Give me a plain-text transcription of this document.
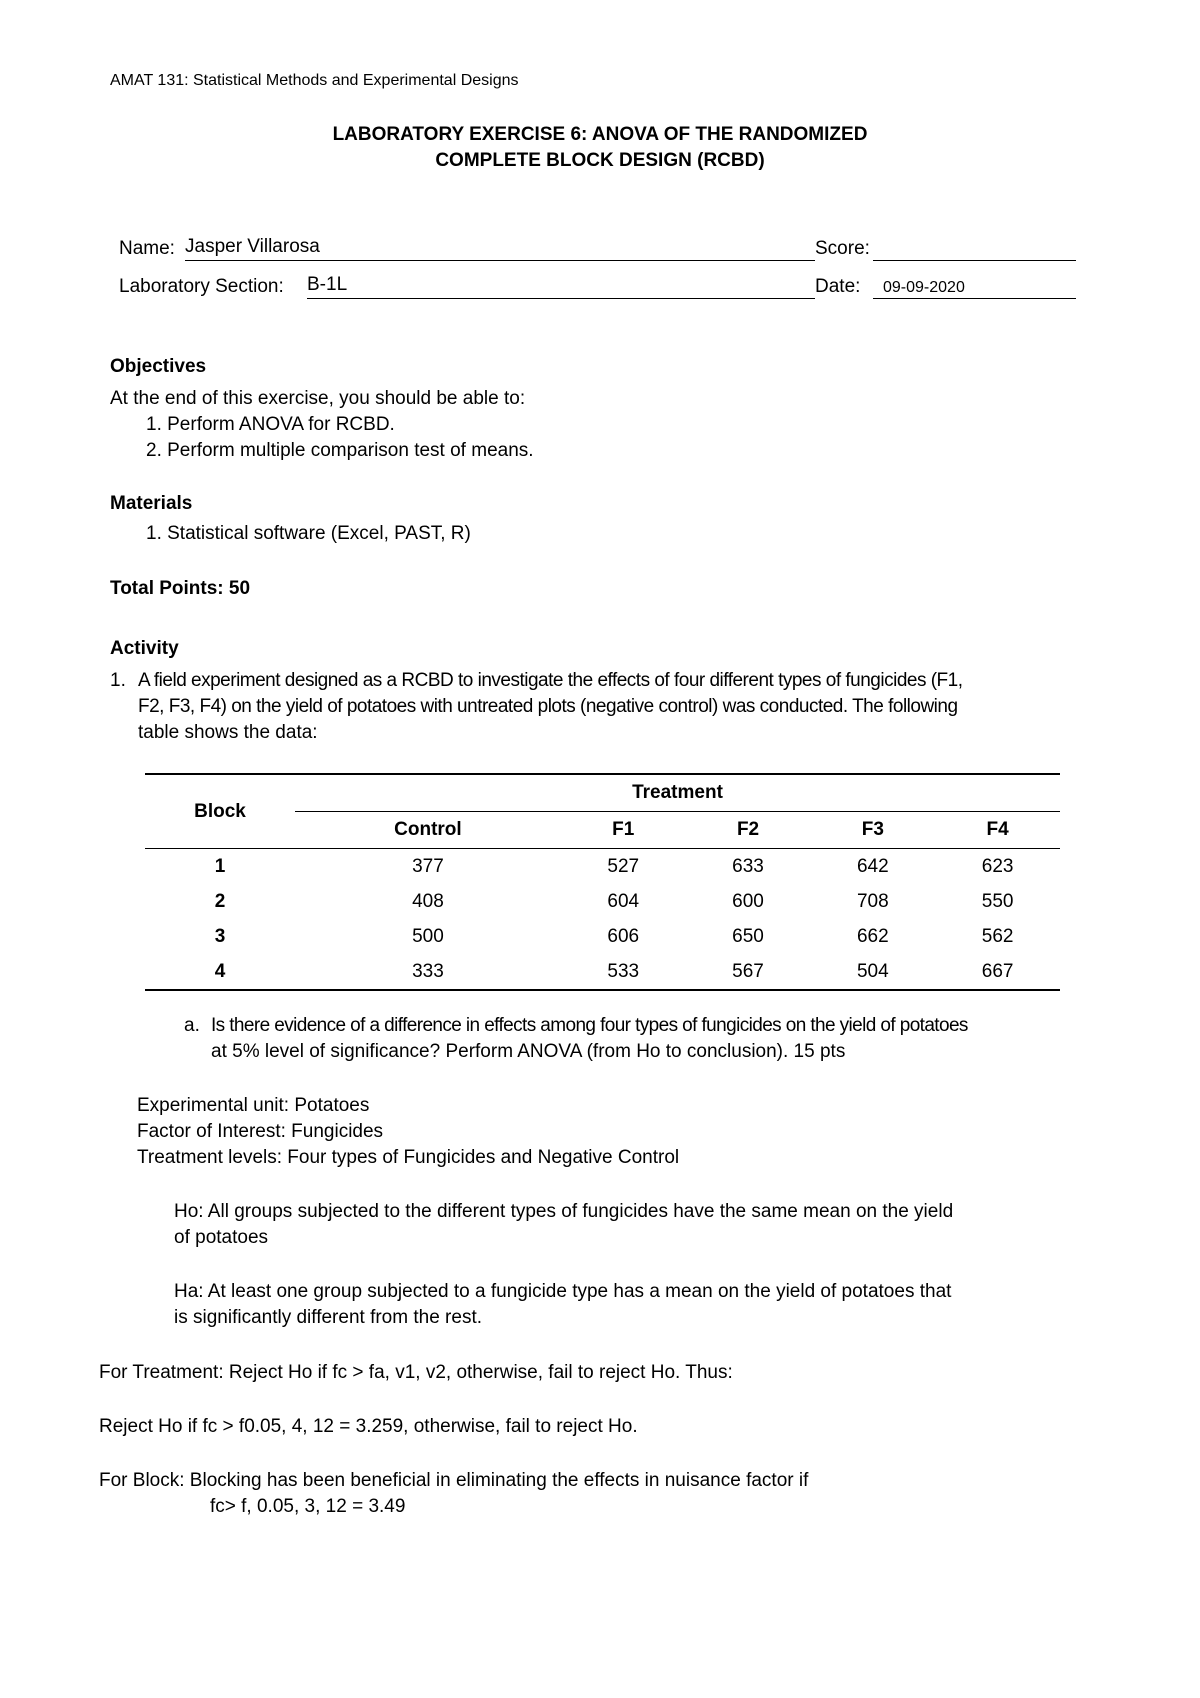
AMAT 131: Statistical Methods and Experimental Designs
LABORATORY EXERCISE 6: ANOVA OF THE RANDOMIZED
COMPLETE BLOCK DESIGN (RCBD)
Name: Jasper Villarosa	Score:
Laboratory Section: B-1L	Date:	09-09-2020
Objectives
At the end of this exercise, you should be able to:
1. Perform ANOVA for RCBD.
2. Perform multiple comparison test of means.
Materials
1. Statistical software (Excel, PAST, R)
Total Points: 50
Activity
1. A field experiment designed as a RCBD to investigate the effects of four different types of fungicides (F1,
F2, F3, F4) on the yield of potatoes with untreated plots (negative control) was conducted. The following
table shows the data:
Block	Treatment				
	Control	F1	F2	F3	F4
1	377	527	633	642	623
2	408	604	600	708	550
3	500	606	650	662	562
4	333	533	567	504	667
a. Is there evidence of a difference in effects among four types of fungicides on the yield of potatoes
at 5% level of significance? Perform ANOVA (from Ho to conclusion). 15 pts
Experimental unit: Potatoes
Factor of Interest: Fungicides
Treatment levels: Four types of Fungicides and Negative Control
Ho: All groups subjected to the different types of fungicides have the same mean on the yield
of potatoes
Ha: At least one group subjected to a fungicide type has a mean on the yield of potatoes that
is significantly different from the rest.
For Treatment: Reject Ho if fc > fa, v1, v2, otherwise, fail to reject Ho. Thus:
Reject Ho if fc > f0.05, 4, 12 = 3.259, otherwise, fail to reject Ho.
For Block: Blocking has been beneficial in eliminating the effects in nuisance factor if
fc> f, 0.05, 3, 12 = 3.49
